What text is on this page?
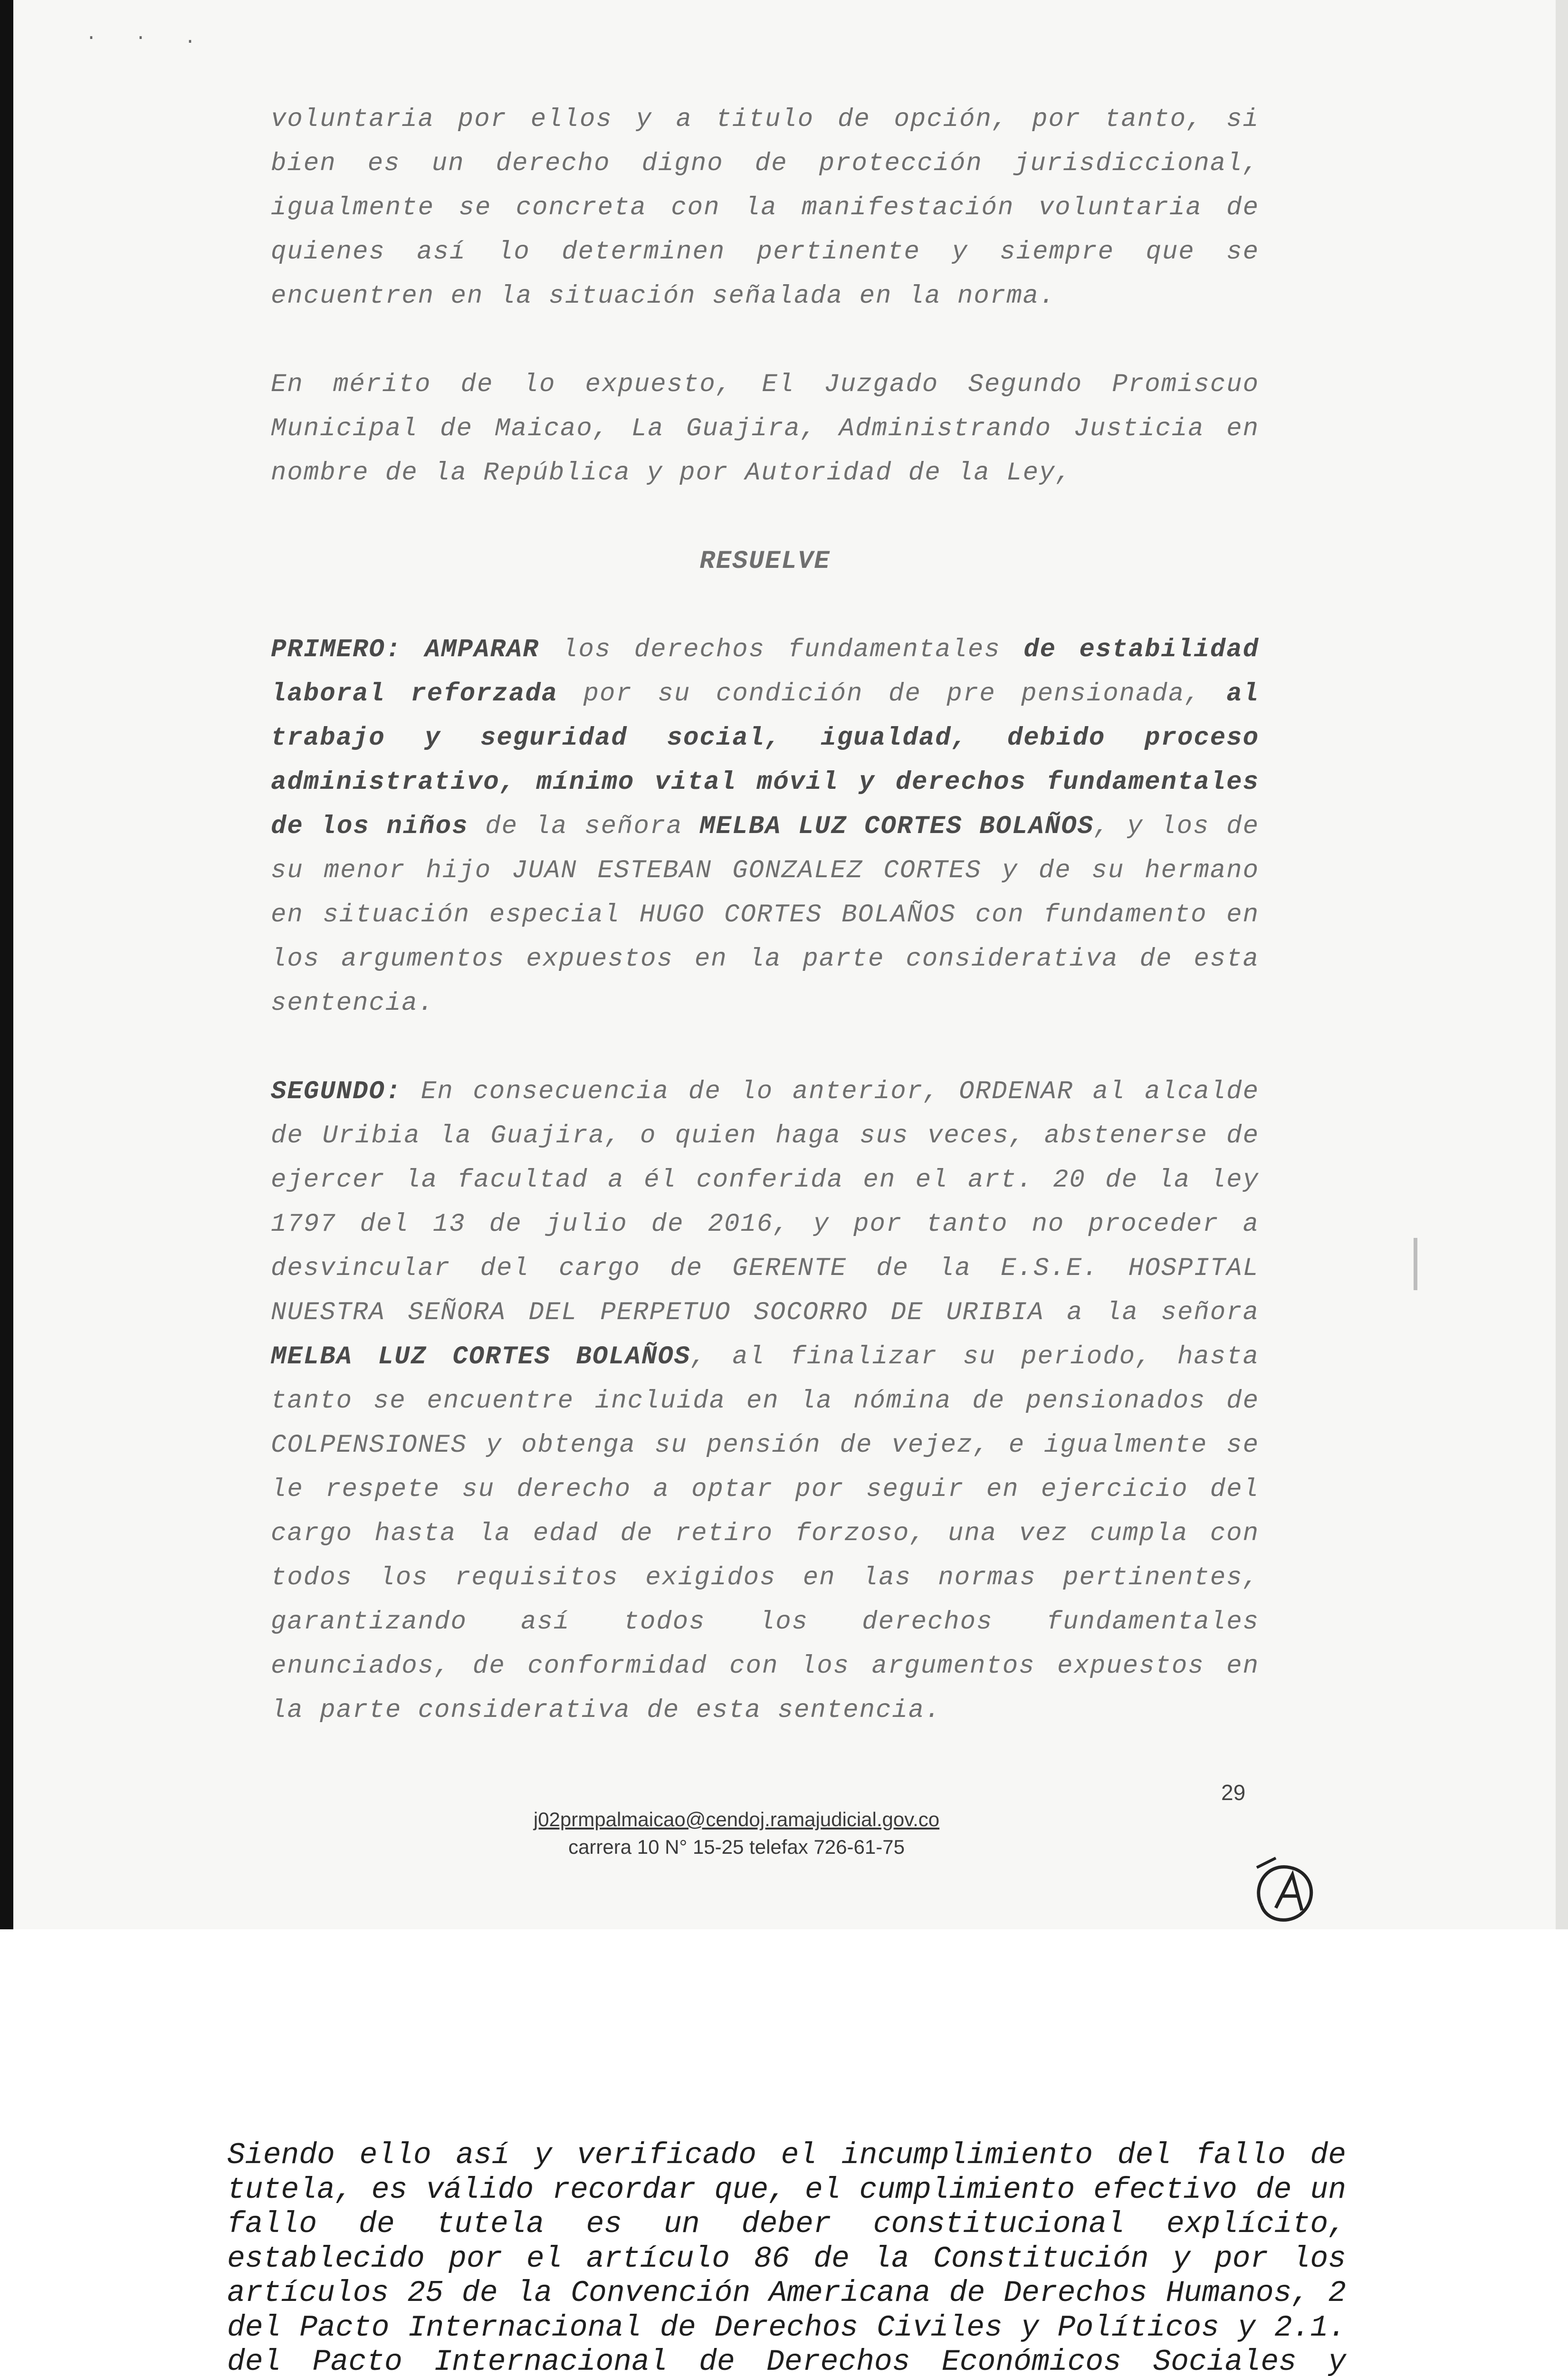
· · .

voluntaria por ellos y a titulo de opción, por tanto, si bien es un derecho digno de protección jurisdiccional, igualmente se concreta con la manifestación voluntaria de quienes así lo determinen pertinente y siempre que se encuentren en la situación señalada en la norma.

En mérito de lo expuesto, El Juzgado Segundo Promiscuo Municipal de Maicao, La Guajira, Administrando Justicia en nombre de la República y por Autoridad de la Ley,

RESUELVE

PRIMERO: AMPARAR los derechos fundamentales de estabilidad laboral reforzada por su condición de pre pensionada, al trabajo y seguridad social, igualdad, debido proceso administrativo, mínimo vital móvil y derechos fundamentales de los niños de la señora MELBA LUZ CORTES BOLAÑOS, y los de su menor hijo JUAN ESTEBAN GONZALEZ CORTES y de su hermano en situación especial HUGO CORTES BOLAÑOS con fundamento en los argumentos expuestos en la parte considerativa de esta sentencia.

SEGUNDO: En consecuencia de lo anterior, ORDENAR al alcalde de Uribia la Guajira, o quien haga sus veces, abstenerse de ejercer la facultad a él conferida en el art. 20 de la ley 1797 del 13 de julio de 2016, y por tanto no proceder a desvincular del cargo de GERENTE de la E.S.E. HOSPITAL NUESTRA SEÑORA DEL PERPETUO SOCORRO DE URIBIA a la señora MELBA LUZ CORTES BOLAÑOS, al finalizar su periodo, hasta tanto se encuentre incluida en la nómina de pensionados de COLPENSIONES y obtenga su pensión de vejez, e igualmente se le respete su derecho a optar por seguir en ejercicio del cargo hasta la edad de retiro forzoso, una vez cumpla con todos los requisitos exigidos en las normas pertinentes, garantizando así todos los derechos fundamentales enunciados, de conformidad con los argumentos expuestos en la parte considerativa de esta sentencia.

29
j02prmpalmaicao@cendoj.ramajudicial.gov.co
carrera 10 N° 15-25 telefax 726-61-75

Siendo ello así y verificado el incumplimiento del fallo de tutela, es válido recordar que, el cumplimiento efectivo de un fallo de tutela es un deber constitucional explícito, establecido por el artículo 86 de la Constitución y por los artículos 25 de la Convención Americana de Derechos Humanos, 2 del Pacto Internacional de Derechos Civiles y Políticos y 2.1. del Pacto Internacional de Derechos Económicos Sociales y
